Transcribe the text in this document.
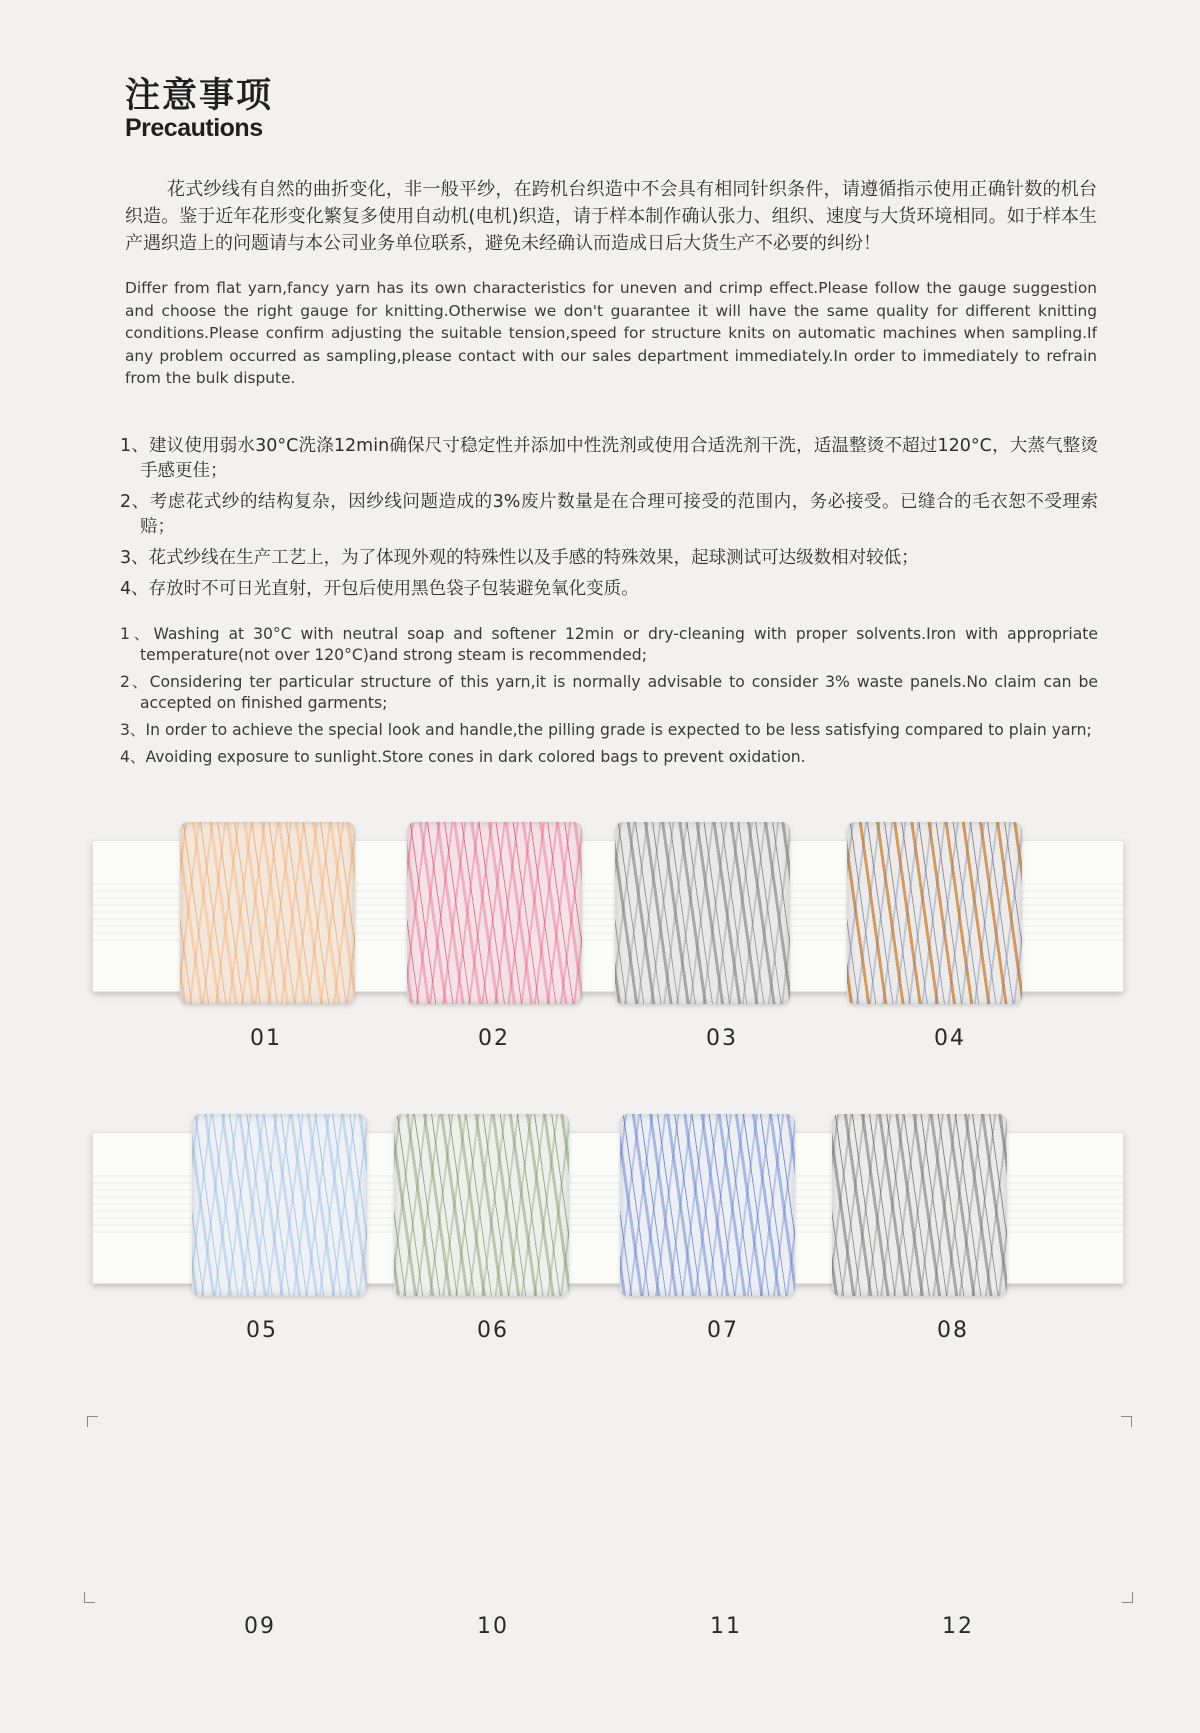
注意事项
Precautions
花式纱线有自然的曲折变化，非一般平纱，在跨机台织造中不会具有相同针织条件，请遵循指示使用正确针数的机台织造。鉴于近年花形变化繁复多使用自动机(电机)织造，请于样本制作确认张力、组织、速度与大货环境相同。如于样本生产遇织造上的问题请与本公司业务单位联系，避免未经确认而造成日后大货生产不必要的纠纷！
Differ from flat yarn,fancy yarn has its own characteristics for uneven and crimp effect.Please follow the gauge suggestion and choose the right gauge for knitting.Otherwise we don't guarantee it will have the same quality for different knitting conditions.Please confirm adjusting the suitable tension,speed for structure knits on automatic machines when sampling.If any problem occurred as sampling,please contact with our sales department immediately.In order to immediately to refrain from the bulk dispute.
1、建议使用弱水30°C洗涤12min确保尺寸稳定性并添加中性洗剂或使用合适洗剂干洗，适温整烫不超过120°C，大蒸气整烫手感更佳；
2、考虑花式纱的结构复杂，因纱线问题造成的3%废片数量是在合理可接受的范围内，务必接受。已缝合的毛衣恕不受理索赔；
3、花式纱线在生产工艺上，为了体现外观的特殊性以及手感的特殊效果，起球测试可达级数相对较低；
4、存放时不可日光直射，开包后使用黑色袋子包装避免氧化变质。
1、Washing at 30°C with neutral soap and softener 12min or dry-cleaning with proper solvents.Iron with appropriate temperature(not over 120°C)and strong steam is recommended;
2、Considering ter particular structure of this yarn,it is normally advisable to consider 3% waste panels.No claim can be accepted on finished garments;
3、In order to achieve the special look and handle,the pilling grade is expected to be less satisfying compared to plain yarn;
4、Avoiding exposure to sunlight.Store cones in dark colored bags to prevent oxidation.
01	02	03	04
05	06	07	08
09	10	11	12
